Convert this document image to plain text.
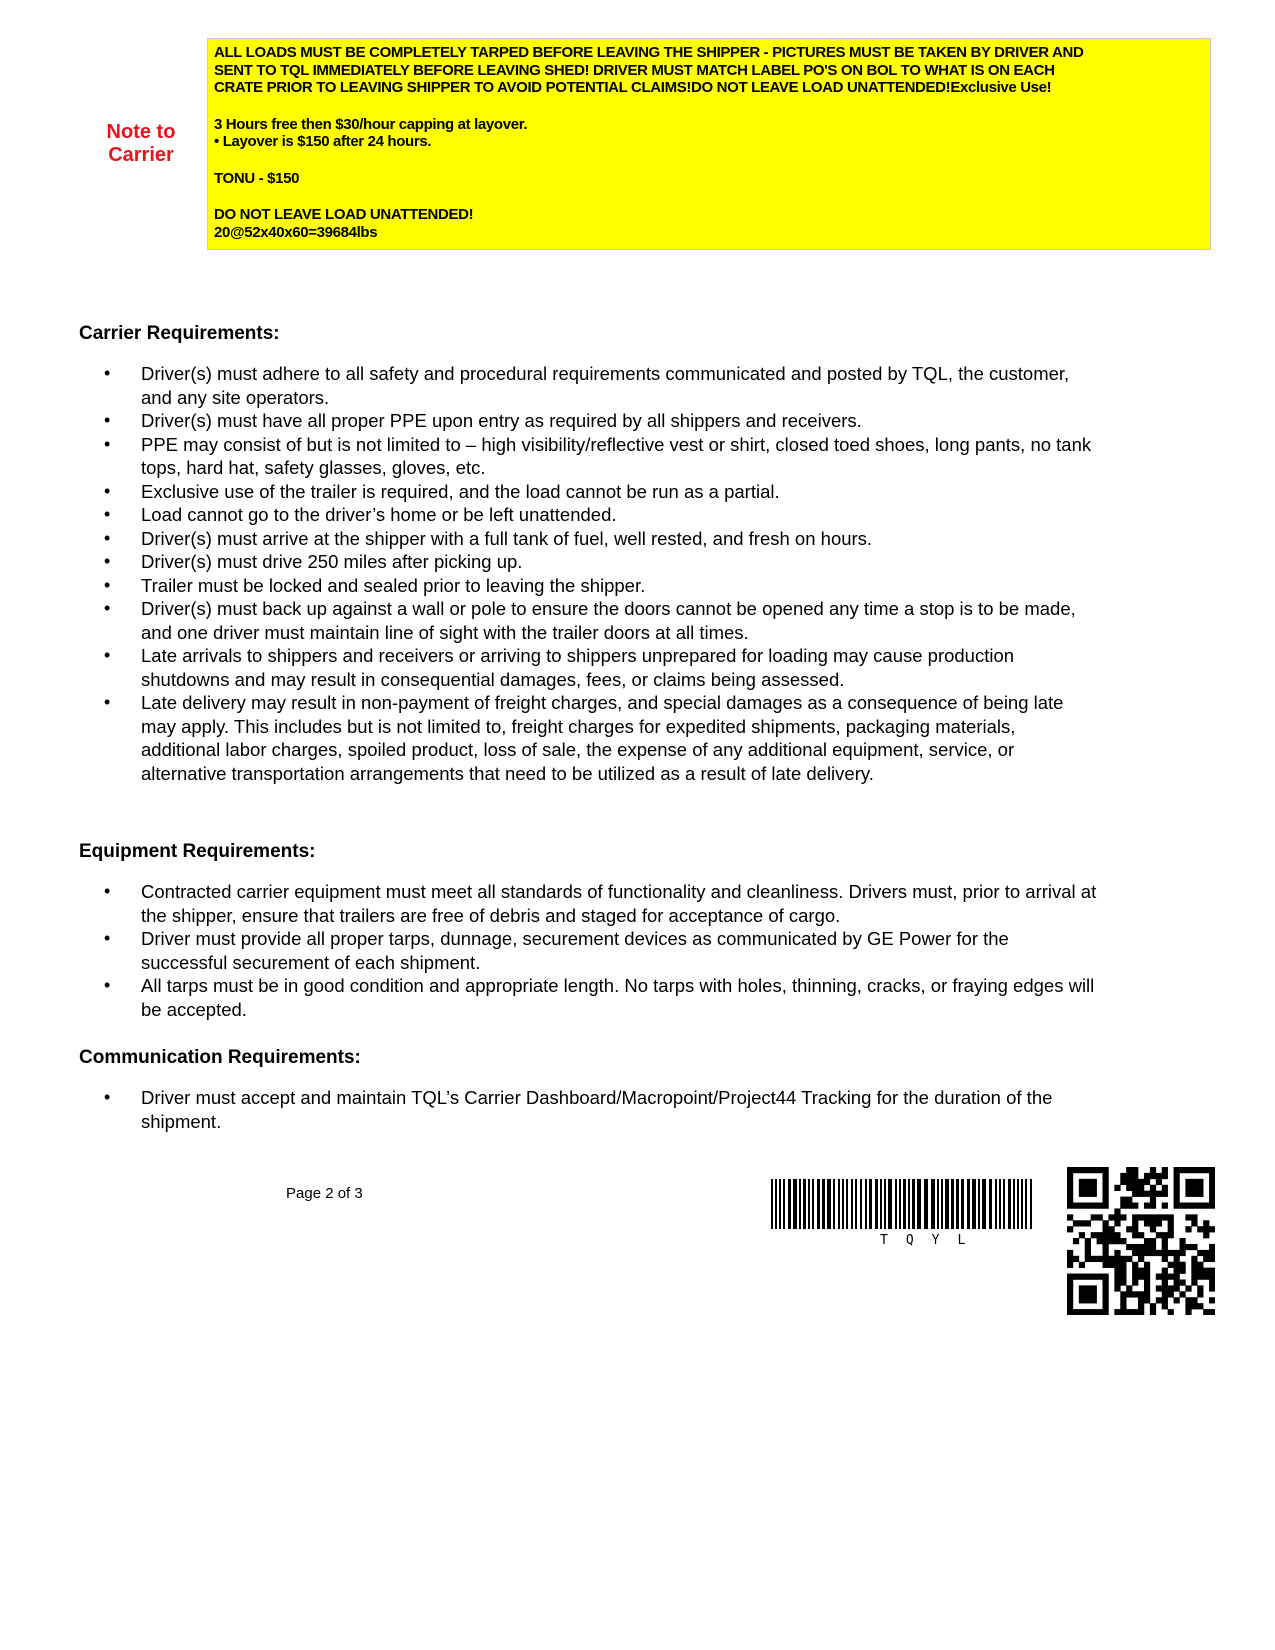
Note to
Carrier

ALL LOADS MUST BE COMPLETELY TARPED BEFORE LEAVING THE SHIPPER - PICTURES MUST BE TAKEN BY DRIVER AND

SENT TO TQL IMMEDIATELY BEFORE LEAVING SHED! DRIVER MUST MATCH LABEL PO'S ON BOL TO WHAT IS ON EACH

CRATE PRIOR TO LEAVING SHIPPER TO AVOID POTENTIAL CLAIMS!DO NOT LEAVE LOAD UNATTENDED!Exclusive Use!

3 Hours free then $30/hour capping at layover.

• Layover is $150 after 24 hours.

TONU - $150

DO NOT LEAVE LOAD UNATTENDED!

20@52x40x60=39684lbs

Carrier Requirements:
• Driver(s) must adhere to all safety and procedural requirements communicated and posted by TQL, the customer, and any site operators.
• Driver(s) must have all proper PPE upon entry as required by all shippers and receivers.
• PPE may consist of but is not limited to – high visibility/reflective vest or shirt, closed toed shoes, long pants, no tank tops, hard hat, safety glasses, gloves, etc.
• Exclusive use of the trailer is required, and the load cannot be run as a partial.
• Load cannot go to the driver’s home or be left unattended.
• Driver(s) must arrive at the shipper with a full tank of fuel, well rested, and fresh on hours.
• Driver(s) must drive 250 miles after picking up.
• Trailer must be locked and sealed prior to leaving the shipper.
• Driver(s) must back up against a wall or pole to ensure the doors cannot be opened any time a stop is to be made, and one driver must maintain line of sight with the trailer doors at all times.
• Late arrivals to shippers and receivers or arriving to shippers unprepared for loading may cause production shutdowns and may result in consequential damages, fees, or claims being assessed.
• Late delivery may result in non-payment of freight charges, and special damages as a consequence of being late may apply. This includes but is not limited to, freight charges for expedited shipments, packaging materials, additional labor charges, spoiled product, loss of sale, the expense of any additional equipment, service, or alternative transportation arrangements that need to be utilized as a result of late delivery.
Equipment Requirements:
• Contracted carrier equipment must meet all standards of functionality and cleanliness. Drivers must, prior to arrival at the shipper, ensure that trailers are free of debris and staged for acceptance of cargo.
• Driver must provide all proper tarps, dunnage, securement devices as communicated by GE Power for the successful securement of each shipment.
• All tarps must be in good condition and appropriate length. No tarps with holes, thinning, cracks, or fraying edges will be accepted.
Communication Requirements:
• Driver must accept and maintain TQL’s Carrier Dashboard/Macropoint/Project44 Tracking for the duration of the shipment.
Page 2 of 3
TQYL
